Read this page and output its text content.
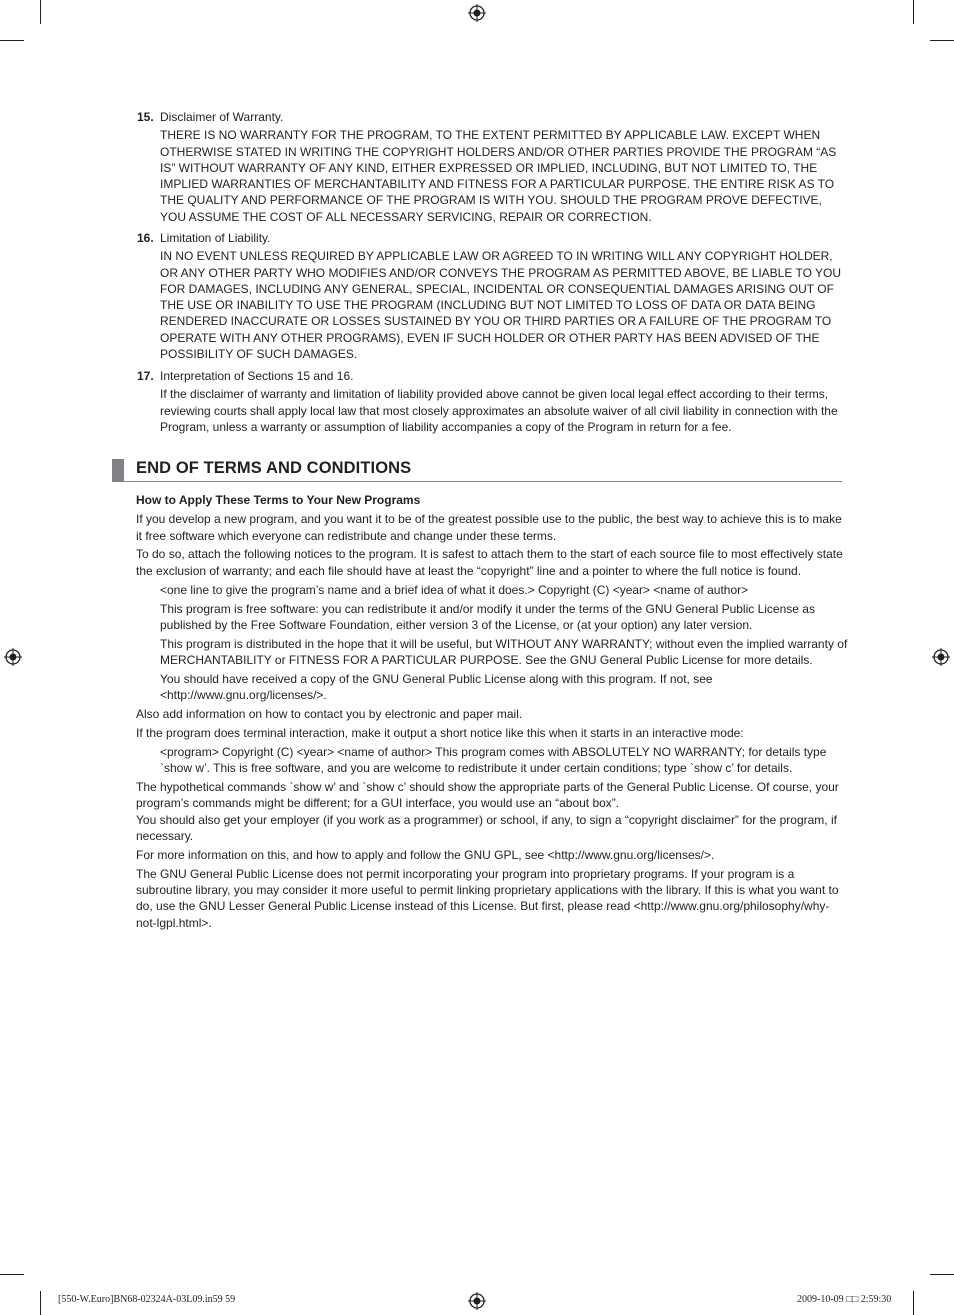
15. Disclaimer of Warranty.
THERE IS NO WARRANTY FOR THE PROGRAM, TO THE EXTENT PERMITTED BY APPLICABLE LAW. EXCEPT WHEN OTHERWISE STATED IN WRITING THE COPYRIGHT HOLDERS AND/OR OTHER PARTIES PROVIDE THE PROGRAM “AS IS” WITHOUT WARRANTY OF ANY KIND, EITHER EXPRESSED OR IMPLIED, INCLUDING, BUT NOT LIMITED TO, THE IMPLIED WARRANTIES OF MERCHANTABILITY AND FITNESS FOR A PARTICULAR PURPOSE. THE ENTIRE RISK AS TO THE QUALITY AND PERFORMANCE OF THE PROGRAM IS WITH YOU. SHOULD THE PROGRAM PROVE DEFECTIVE, YOU ASSUME THE COST OF ALL NECESSARY SERVICING, REPAIR OR CORRECTION.
16. Limitation of Liability.
IN NO EVENT UNLESS REQUIRED BY APPLICABLE LAW OR AGREED TO IN WRITING WILL ANY COPYRIGHT HOLDER, OR ANY OTHER PARTY WHO MODIFIES AND/OR CONVEYS THE PROGRAM AS PERMITTED ABOVE, BE LIABLE TO YOU FOR DAMAGES, INCLUDING ANY GENERAL, SPECIAL, INCIDENTAL OR CONSEQUENTIAL DAMAGES ARISING OUT OF THE USE OR INABILITY TO USE THE PROGRAM (INCLUDING BUT NOT LIMITED TO LOSS OF DATA OR DATA BEING RENDERED INACCURATE OR LOSSES SUSTAINED BY YOU OR THIRD PARTIES OR A FAILURE OF THE PROGRAM TO OPERATE WITH ANY OTHER PROGRAMS), EVEN IF SUCH HOLDER OR OTHER PARTY HAS BEEN ADVISED OF THE POSSIBILITY OF SUCH DAMAGES.
17. Interpretation of Sections 15 and 16.
If the disclaimer of warranty and limitation of liability provided above cannot be given local legal effect according to their terms, reviewing courts shall apply local law that most closely approximates an absolute waiver of all civil liability in connection with the Program, unless a warranty or assumption of liability accompanies a copy of the Program in return for a fee.
END OF TERMS AND CONDITIONS

How to Apply These Terms to Your New Programs

If you develop a new program, and you want it to be of the greatest possible use to the public, the best way to achieve this is to make it free software which everyone can redistribute and change under these terms.

To do so, attach the following notices to the program. It is safest to attach them to the start of each source file to most effectively state the exclusion of warranty; and each file should have at least the “copyright” line and a pointer to where the full notice is found.

<one line to give the program’s name and a brief idea of what it does.> Copyright (C) <year> <name of author>

This program is free software: you can redistribute it and/or modify it under the terms of the GNU General Public License as published by the Free Software Foundation, either version 3 of the License, or (at your option) any later version.

This program is distributed in the hope that it will be useful, but WITHOUT ANY WARRANTY; without even the implied warranty of MERCHANTABILITY or FITNESS FOR A PARTICULAR PURPOSE. See the GNU General Public License for more details.

You should have received a copy of the GNU General Public License along with this program. If not, see <http://www.gnu.org/licenses/>.

Also add information on how to contact you by electronic and paper mail.

If the program does terminal interaction, make it output a short notice like this when it starts in an interactive mode:

<program> Copyright (C) <year> <name of author> This program comes with ABSOLUTELY NO WARRANTY; for details type `show w’. This is free software, and you are welcome to redistribute it under certain conditions; type `show c’ for details.

The hypothetical commands `show w’ and `show c’ should show the appropriate parts of the General Public License. Of course, your program’s commands might be different; for a GUI interface, you would use an “about box”.

You should also get your employer (if you work as a programmer) or school, if any, to sign a “copyright disclaimer” for the program, if necessary.

For more information on this, and how to apply and follow the GNU GPL, see <http://www.gnu.org/licenses/>.

The GNU General Public License does not permit incorporating your program into proprietary programs. If your program is a subroutine library, you may consider it more useful to permit linking proprietary applications with the library. If this is what you want to do, use the GNU Lesser General Public License instead of this License. But first, please read <http://www.gnu.org/philosophy/why-not-lgpl.html>.

[550-W.Euro]BN68-02324A-03L09.in59 59	2009-10-09 □□ 2:59:30
